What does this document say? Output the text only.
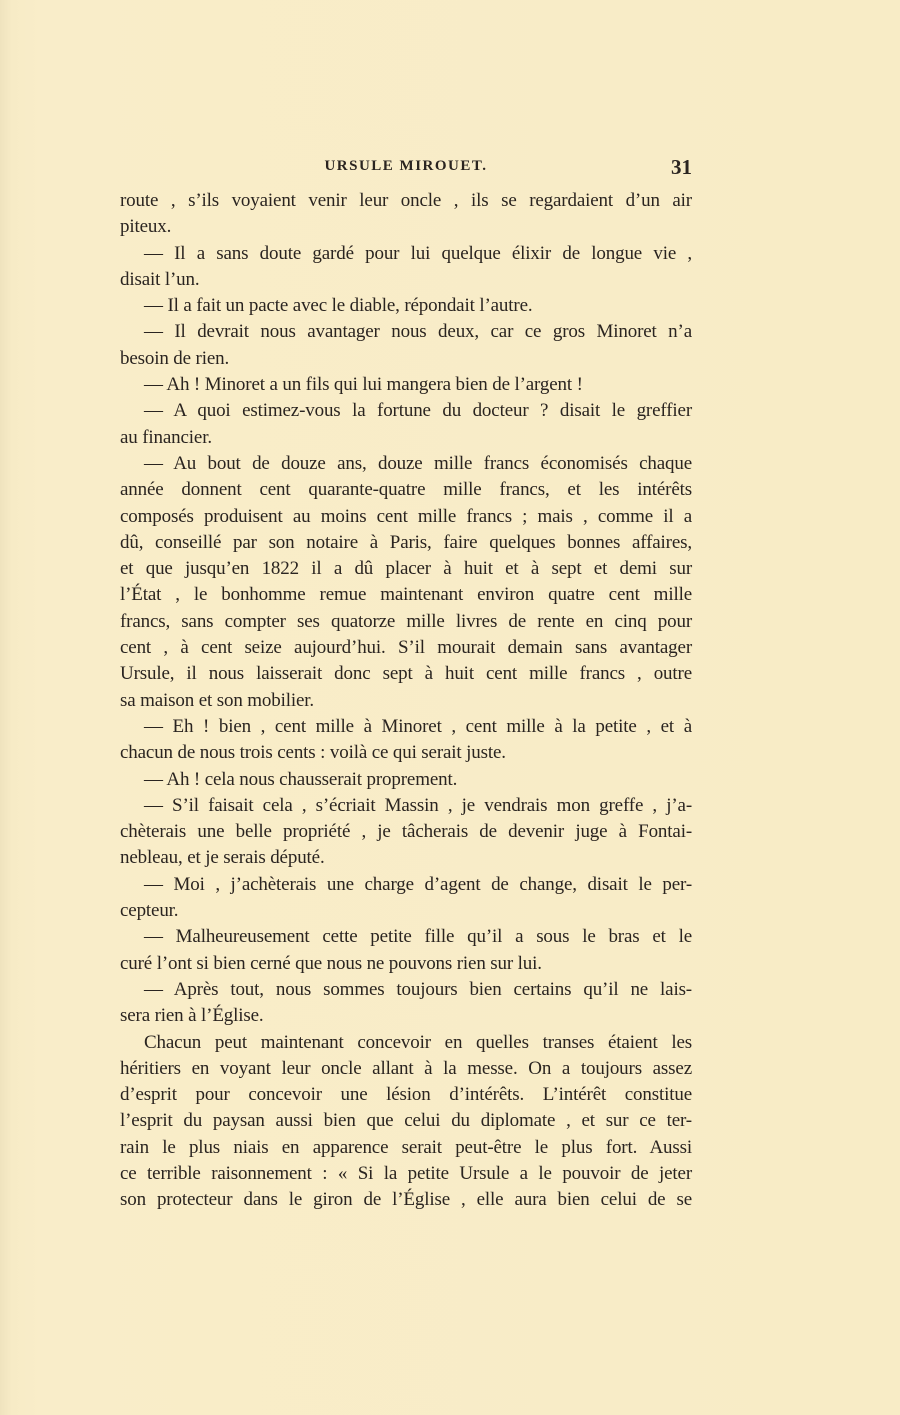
URSULE MIROUET.	31

route , s’ils voyaient venir leur oncle , ils se regardaient d’un air
piteux.

— Il a sans doute gardé pour lui quelque élixir de longue vie ,
disait l’un.

— Il a fait un pacte avec le diable, répondait l’autre.

— Il devrait nous avantager nous deux, car ce gros Minoret n’a
besoin de rien.

— Ah ! Minoret a un fils qui lui mangera bien de l’argent !

— A quoi estimez-vous la fortune du docteur ? disait le greffier
au financier.

— Au bout de douze ans, douze mille francs économisés chaque
année donnent cent quarante-quatre mille francs, et les intérêts
composés produisent au moins cent mille francs ; mais , comme il a
dû, conseillé par son notaire à Paris, faire quelques bonnes affaires,
et que jusqu’en 1822 il a dû placer à huit et à sept et demi sur
l’État , le bonhomme remue maintenant environ quatre cent mille
francs, sans compter ses quatorze mille livres de rente en cinq pour
cent , à cent seize aujourd’hui. S’il mourait demain sans avantager
Ursule, il nous laisserait donc sept à huit cent mille francs , outre
sa maison et son mobilier.

— Eh ! bien , cent mille à Minoret , cent mille à la petite , et à
chacun de nous trois cents : voilà ce qui serait juste.

— Ah ! cela nous chausserait proprement.

— S’il faisait cela , s’écriait Massin , je vendrais mon greffe , j’a-
chèterais une belle propriété , je tâcherais de devenir juge à Fontai-
nebleau, et je serais député.

— Moi , j’achèterais une charge d’agent de change, disait le per-
cepteur.

— Malheureusement cette petite fille qu’il a sous le bras et le
curé l’ont si bien cerné que nous ne pouvons rien sur lui.

— Après tout, nous sommes toujours bien certains qu’il ne lais-
sera rien à l’Église.

Chacun peut maintenant concevoir en quelles transes étaient les
héritiers en voyant leur oncle allant à la messe. On a toujours assez
d’esprit pour concevoir une lésion d’intérêts. L’intérêt constitue
l’esprit du paysan aussi bien que celui du diplomate , et sur ce ter-
rain le plus niais en apparence serait peut-être le plus fort. Aussi
ce terrible raisonnement : « Si la petite Ursule a le pouvoir de jeter
son protecteur dans le giron de l’Église , elle aura bien celui de se
